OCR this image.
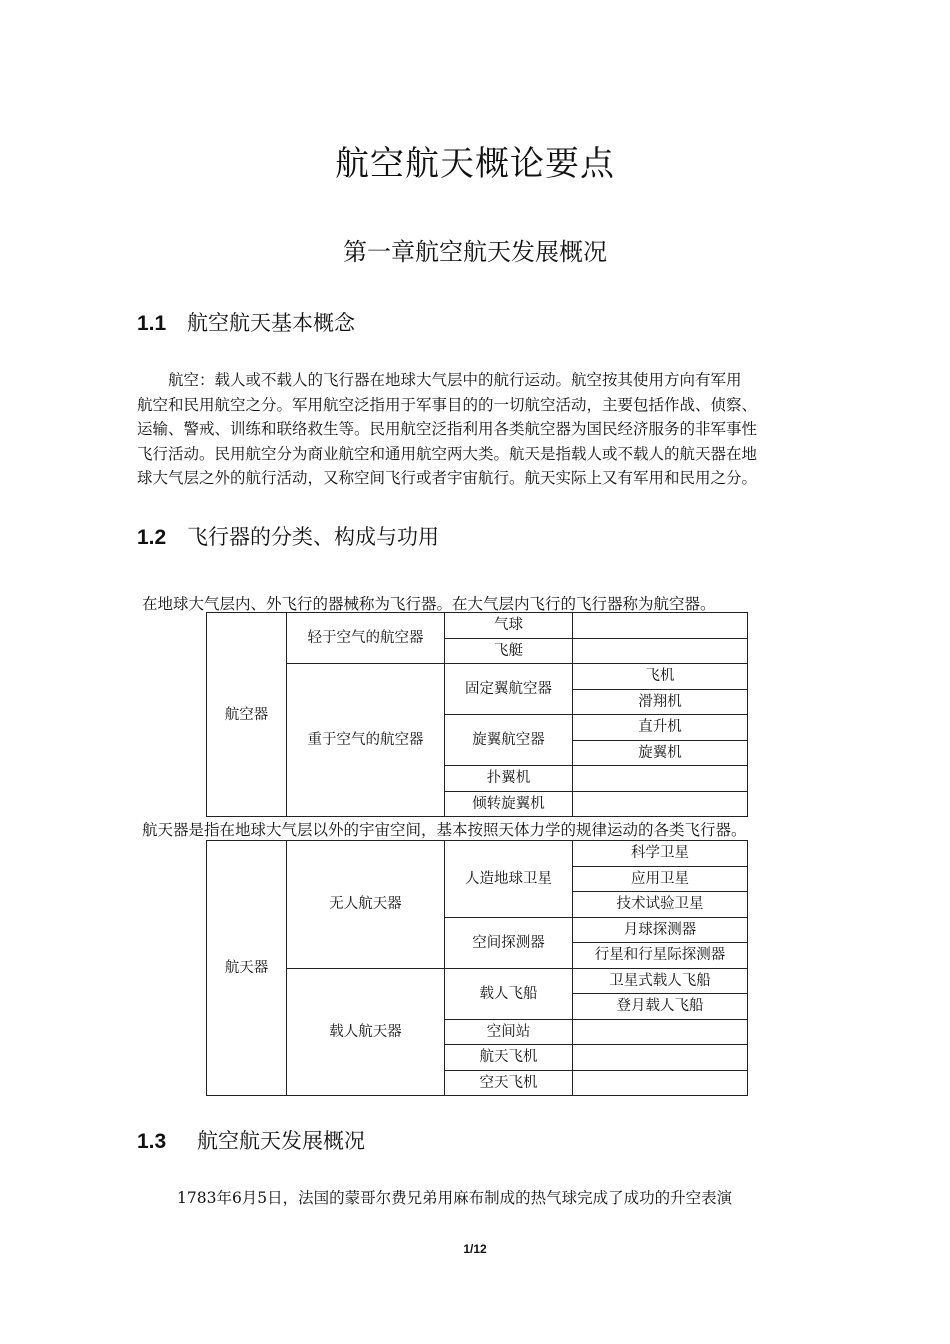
航空航天概论要点
第一章航空航天发展概况
1.1 航空航天基本概念
　　航空：载人或不载人的飞行器在地球大气层中的航行运动。航空按其使用方向有军用
航空和民用航空之分。军用航空泛指用于军事目的的一切航空活动，主要包括作战、侦察、
运输、警戒、训练和联络救生等。民用航空泛指利用各类航空器为国民经济服务的非军事性
飞行活动。民用航空分为商业航空和通用航空两大类。航天是指载人或不载人的航天器在地
球大气层之外的航行活动，又称空间飞行或者宇宙航行。航天实际上又有军用和民用之分。
1.2 飞行器的分类、构成与功用
在地球大气层内、外飞行的器械称为飞行器。在大气层内飞行的飞行器称为航空器。
航空器	轻于空气的航空器	气球	
		飞艇	
	重于空气的航空器	固定翼航空器	飞机
			滑翔机
		旋翼航空器	直升机
			旋翼机
		扑翼机	
		倾转旋翼机	
航天器是指在地球大气层以外的宇宙空间，基本按照天体力学的规律运动的各类飞行器。
航天器	无人航天器	人造地球卫星	科学卫星
			应用卫星
			技术试验卫星
		空间探测器	月球探测器
			行星和行星际探测器
	载人航天器	载人飞船	卫星式载人飞船
			登月载人飞船
		空间站	
		航天飞机	
		空天飞机	
1.3 航空航天发展概况
1783年6月5日，法国的蒙哥尔费兄弟用麻布制成的热气球完成了成功的升空表演
1/12
